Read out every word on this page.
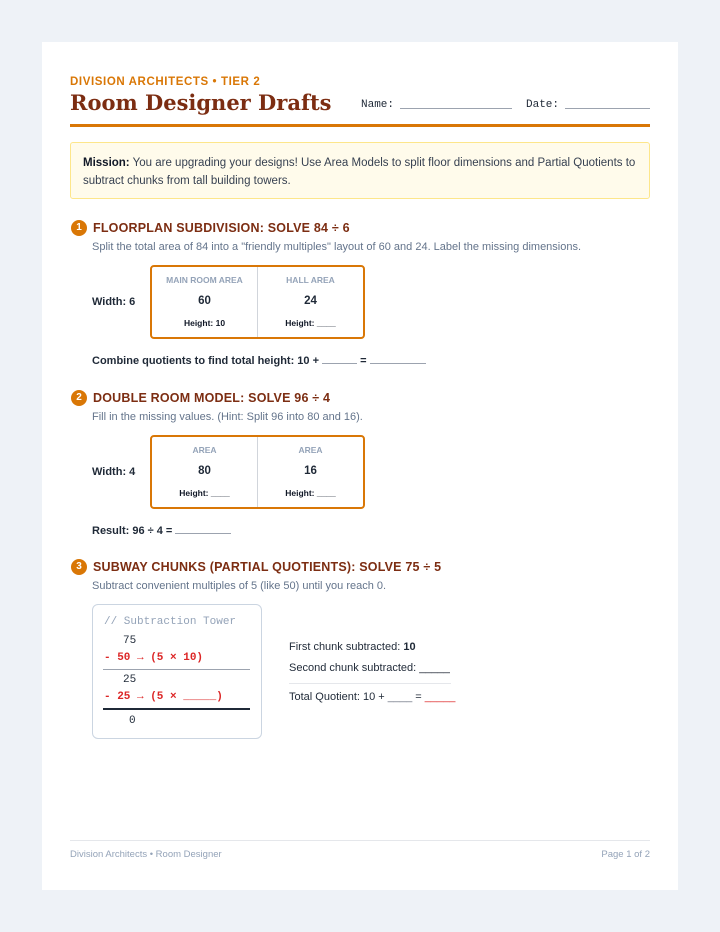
DIVISION ARCHITECTS • TIER 2
Room Designer Drafts	Name:	Date:
Mission: You are upgrading your designs! Use Area Models to split floor dimensions and Partial Quotients to subtract chunks from tall building towers.
1 FLOORPLAN SUBDIVISION: SOLVE 84 ÷ 6
Split the total area of 84 into a "friendly multiples" layout of 60 and 24. Label the missing dimensions.
Width: 6
MAIN ROOM AREA
60
Height: 10
HALL AREA
24
Height: ____
Combine quotients to find total height: 10 +	=
2 DOUBLE ROOM MODEL: SOLVE 96 ÷ 4
Fill in the missing values. (Hint: Split 96 into 80 and 16).
Width: 4
AREA
80
Height: ____
AREA
16
Height: ____
Result: 96 ÷ 4 =
3 SUBWAY CHUNKS (PARTIAL QUOTIENTS): SOLVE 75 ÷ 5
Subtract convenient multiples of 5 (like 50) until you reach 0.
// Subtraction Tower
75
- 50 → (5 × 10)
25
- 25 → (5 × _____)
0
First chunk subtracted: 10
Second chunk subtracted: _____
Total Quotient: 10 + ____ = _____
Division Architects • Room Designer	Page 1 of 2
